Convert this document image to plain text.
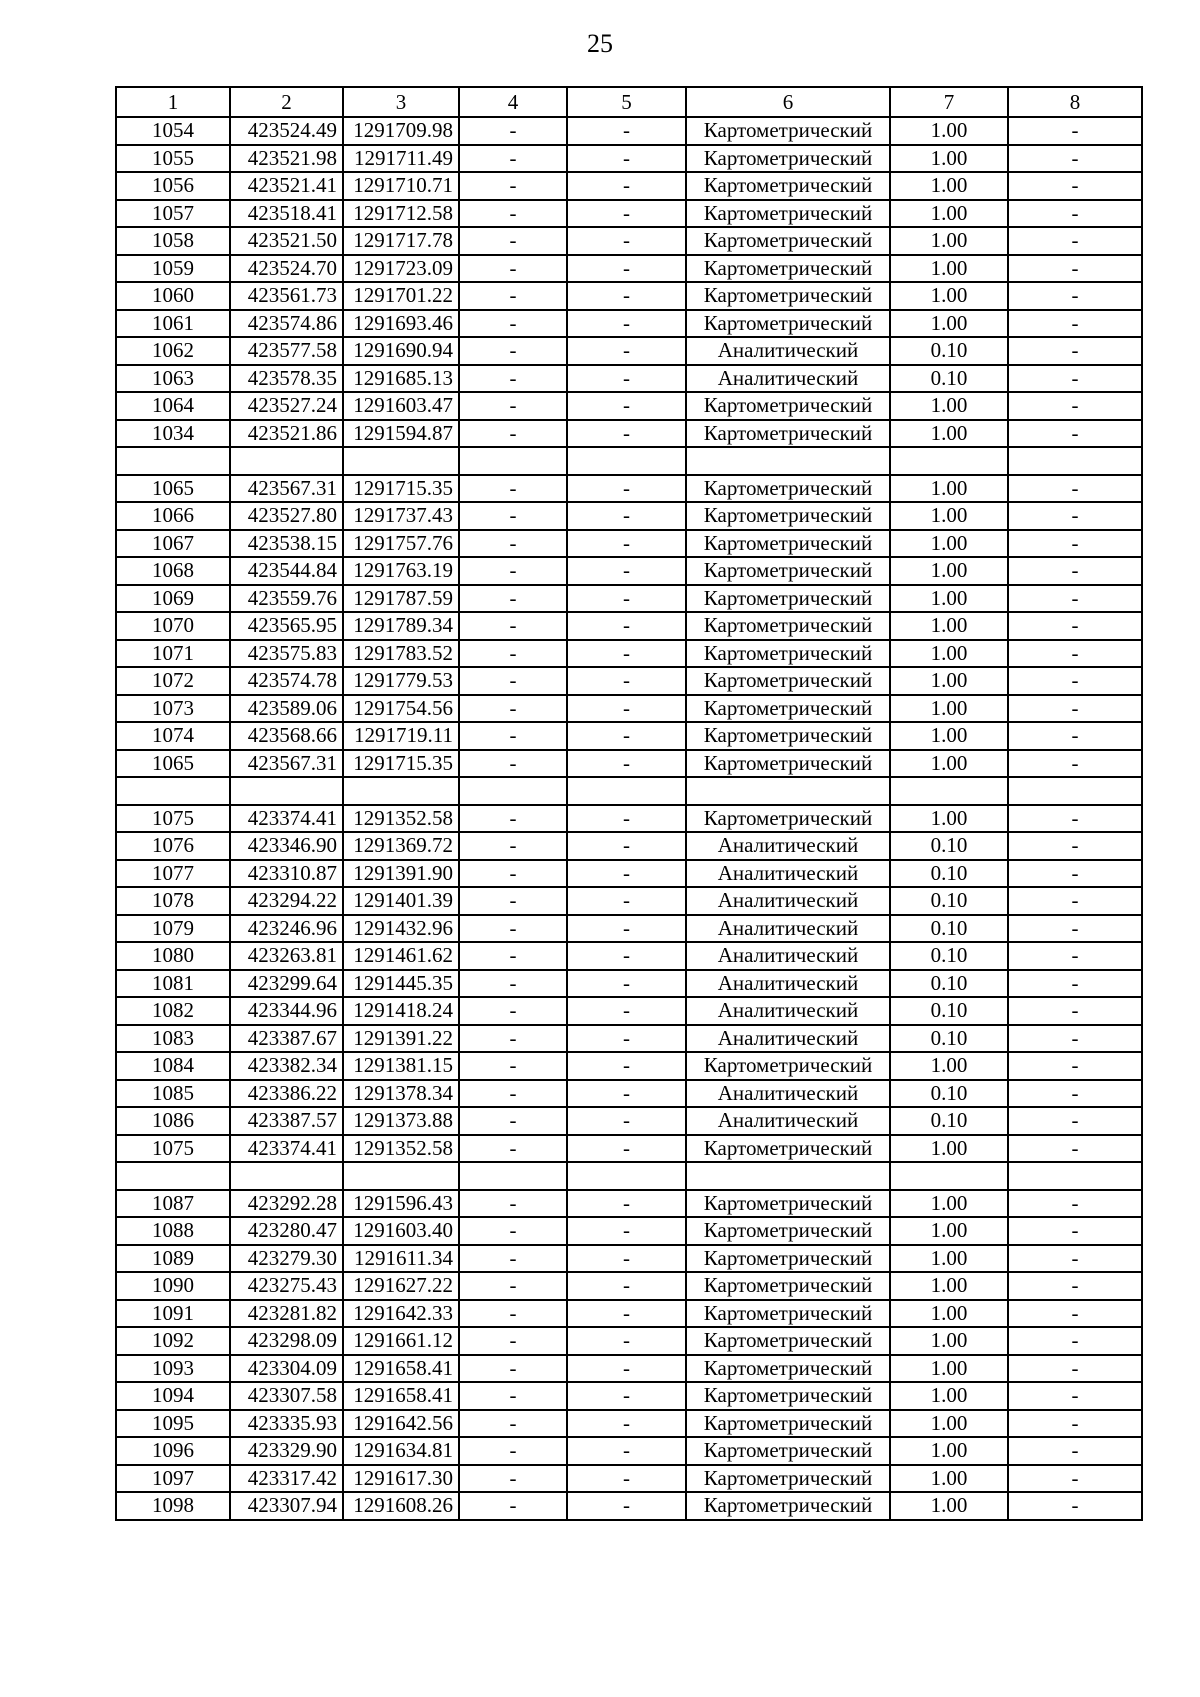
25
1	2	3	4	5	6	7	8
1054	423524.49	1291709.98	-	-	Картометрический	1.00	-
1055	423521.98	1291711.49	-	-	Картометрический	1.00	-
1056	423521.41	1291710.71	-	-	Картометрический	1.00	-
1057	423518.41	1291712.58	-	-	Картометрический	1.00	-
1058	423521.50	1291717.78	-	-	Картометрический	1.00	-
1059	423524.70	1291723.09	-	-	Картометрический	1.00	-
1060	423561.73	1291701.22	-	-	Картометрический	1.00	-
1061	423574.86	1291693.46	-	-	Картометрический	1.00	-
1062	423577.58	1291690.94	-	-	Аналитический	0.10	-
1063	423578.35	1291685.13	-	-	Аналитический	0.10	-
1064	423527.24	1291603.47	-	-	Картометрический	1.00	-
1034	423521.86	1291594.87	-	-	Картометрический	1.00	-

1065	423567.31	1291715.35	-	-	Картометрический	1.00	-
1066	423527.80	1291737.43	-	-	Картометрический	1.00	-
1067	423538.15	1291757.76	-	-	Картометрический	1.00	-
1068	423544.84	1291763.19	-	-	Картометрический	1.00	-
1069	423559.76	1291787.59	-	-	Картометрический	1.00	-
1070	423565.95	1291789.34	-	-	Картометрический	1.00	-
1071	423575.83	1291783.52	-	-	Картометрический	1.00	-
1072	423574.78	1291779.53	-	-	Картометрический	1.00	-
1073	423589.06	1291754.56	-	-	Картометрический	1.00	-
1074	423568.66	1291719.11	-	-	Картометрический	1.00	-
1065	423567.31	1291715.35	-	-	Картометрический	1.00	-

1075	423374.41	1291352.58	-	-	Картометрический	1.00	-
1076	423346.90	1291369.72	-	-	Аналитический	0.10	-
1077	423310.87	1291391.90	-	-	Аналитический	0.10	-
1078	423294.22	1291401.39	-	-	Аналитический	0.10	-
1079	423246.96	1291432.96	-	-	Аналитический	0.10	-
1080	423263.81	1291461.62	-	-	Аналитический	0.10	-
1081	423299.64	1291445.35	-	-	Аналитический	0.10	-
1082	423344.96	1291418.24	-	-	Аналитический	0.10	-
1083	423387.67	1291391.22	-	-	Аналитический	0.10	-
1084	423382.34	1291381.15	-	-	Картометрический	1.00	-
1085	423386.22	1291378.34	-	-	Аналитический	0.10	-
1086	423387.57	1291373.88	-	-	Аналитический	0.10	-
1075	423374.41	1291352.58	-	-	Картометрический	1.00	-

1087	423292.28	1291596.43	-	-	Картометрический	1.00	-
1088	423280.47	1291603.40	-	-	Картометрический	1.00	-
1089	423279.30	1291611.34	-	-	Картометрический	1.00	-
1090	423275.43	1291627.22	-	-	Картометрический	1.00	-
1091	423281.82	1291642.33	-	-	Картометрический	1.00	-
1092	423298.09	1291661.12	-	-	Картометрический	1.00	-
1093	423304.09	1291658.41	-	-	Картометрический	1.00	-
1094	423307.58	1291658.41	-	-	Картометрический	1.00	-
1095	423335.93	1291642.56	-	-	Картометрический	1.00	-
1096	423329.90	1291634.81	-	-	Картометрический	1.00	-
1097	423317.42	1291617.30	-	-	Картометрический	1.00	-
1098	423307.94	1291608.26	-	-	Картометрический	1.00	-
